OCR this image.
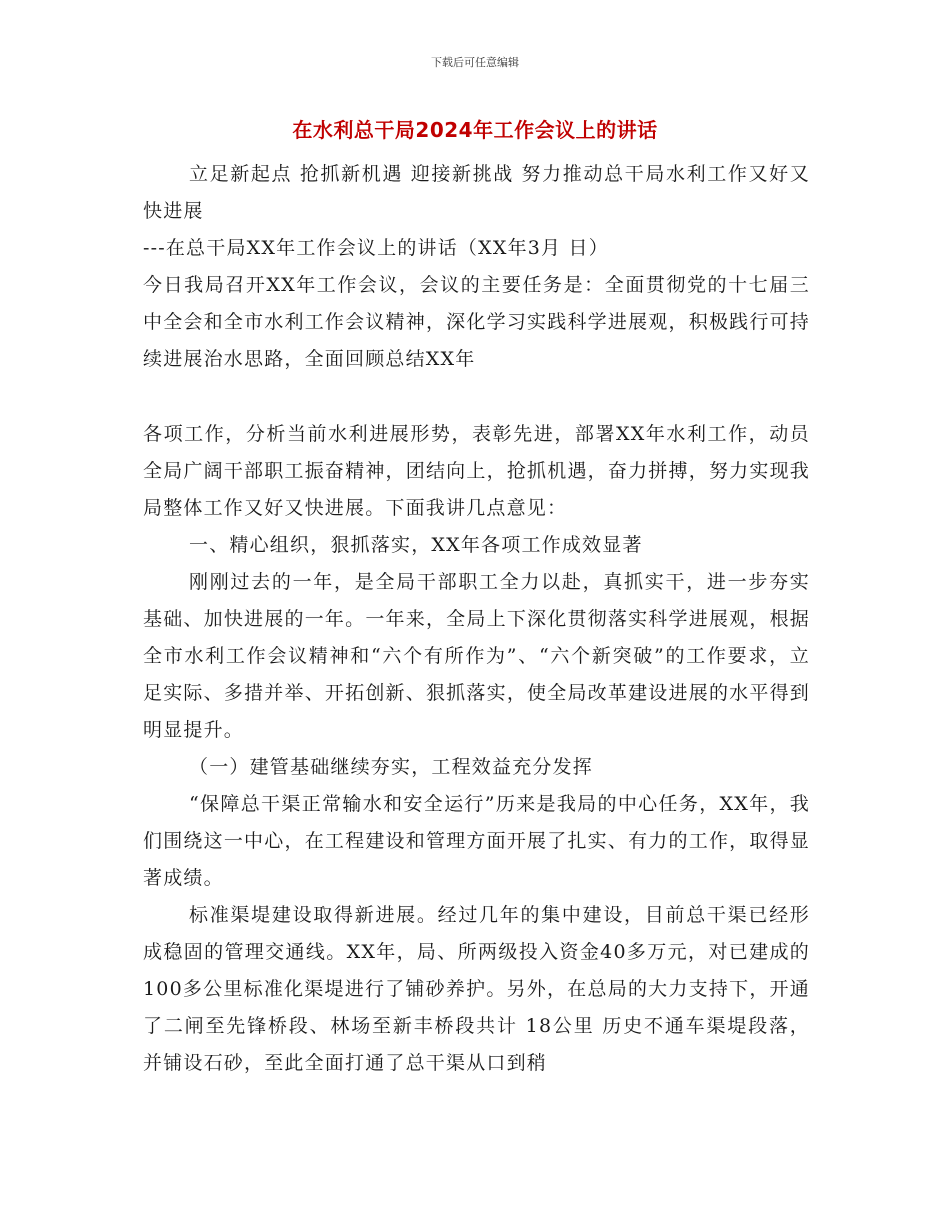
下载后可任意编辑
在水利总干局2024年工作会议上的讲话

立足新起点 抢抓新机遇 迎接新挑战 努力推动总干局水利工作又好又快进展

---在总干局XX年工作会议上的讲话（XX年3月 日）

今日我局召开XX年工作会议，会议的主要任务是：全面贯彻党的十七届三中全会和全市水利工作会议精神，深化学习实践科学进展观，积极践行可持续进展治水思路，全面回顾总结XX年

各项工作，分析当前水利进展形势，表彰先进，部署XX年水利工作，动员全局广阔干部职工振奋精神，团结向上，抢抓机遇，奋力拼搏，努力实现我局整体工作又好又快进展。下面我讲几点意见：

一、精心组织，狠抓落实，XX年各项工作成效显著

刚刚过去的一年，是全局干部职工全力以赴，真抓实干，进一步夯实基础、加快进展的一年。一年来，全局上下深化贯彻落实科学进展观，根据全市水利工作会议精神和“六个有所作为”、“六个新突破”的工作要求，立足实际、多措并举、开拓创新、狠抓落实，使全局改革建设进展的水平得到明显提升。

（一）建管基础继续夯实，工程效益充分发挥

“保障总干渠正常输水和安全运行”历来是我局的中心任务，XX年，我们围绕这一中心，在工程建设和管理方面开展了扎实、有力的工作，取得显著成绩。

标准渠堤建设取得新进展。经过几年的集中建设，目前总干渠已经形成稳固的管理交通线。XX年，局、所两级投入资金40多万元，对已建成的100多公里标准化渠堤进行了铺砂养护。另外，在总局的大力支持下，开通了二闸至先锋桥段、林场至新丰桥段共计 18公里 历史不通车渠堤段落，并铺设石砂，至此全面打通了总干渠从口到稍
